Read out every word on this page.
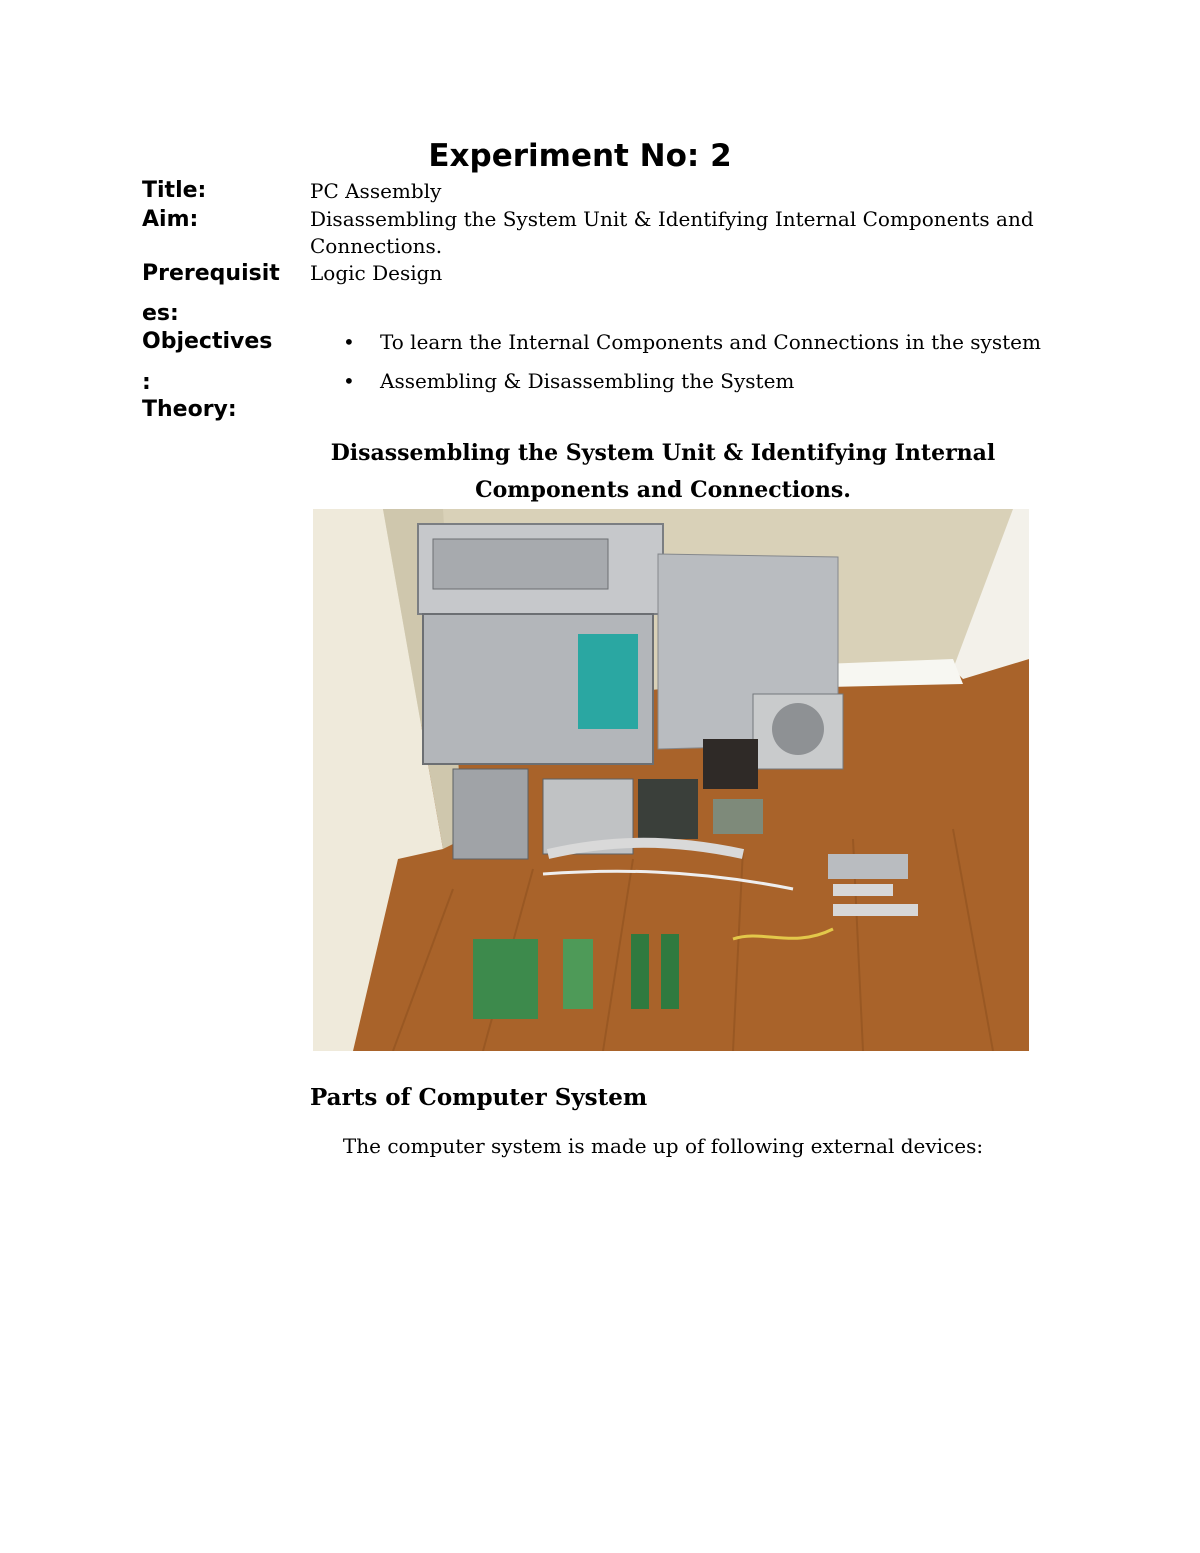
Experiment No: 2
Title:	PC Assembly
Aim:	Disassembling the System Unit & Identifying Internal Components and
Connections.
Prerequisit
es:
Logic Design
Objectives
:
Theory:
• To learn the Internal Components and Connections in the system
• Assembling & Disassembling the System
Disassembling the System Unit & Identifying Internal
Components and Connections.
Parts of Computer System
The computer system is made up of following external devices:
